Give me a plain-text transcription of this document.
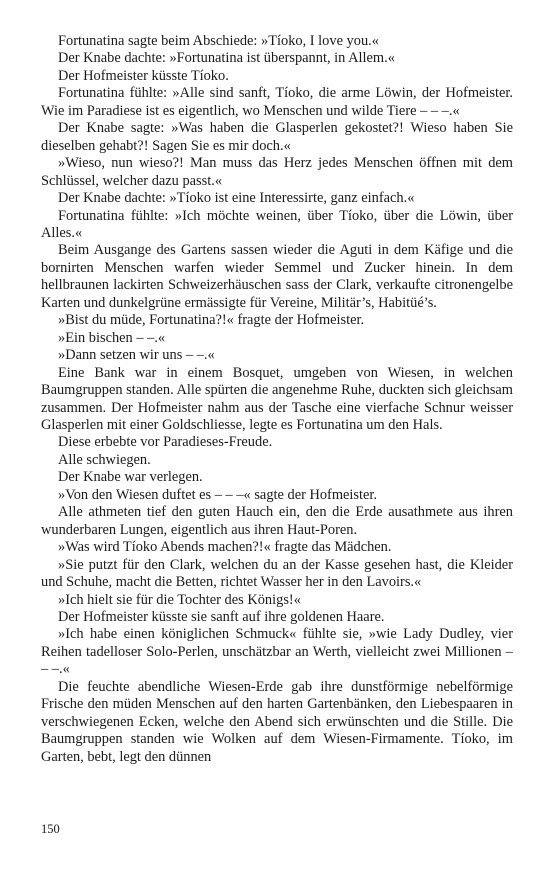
Fortunatina sagte beim Abschiede: »Tíoko, I love you.«

Der Knabe dachte: »Fortunatina ist überspannt, in Allem.«

Der Hofmeister küsste Tíoko.

Fortunatina fühlte: »Alle sind sanft, Tíoko, die arme Löwin, der Hofmeister. Wie im Paradiese ist es eigentlich, wo Menschen und wilde Tiere – – –.«

Der Knabe sagte: »Was haben die Glasperlen gekostet?! Wieso haben Sie dieselben gehabt?! Sagen Sie es mir doch.«

»Wieso, nun wieso?! Man muss das Herz jedes Menschen öffnen mit dem Schlüssel, welcher dazu passt.«

Der Knabe dachte: »Tíoko ist eine Interessirte, ganz einfach.«

Fortunatina fühlte: »Ich möchte weinen, über Tíoko, über die Löwin, über Alles.«

Beim Ausgange des Gartens sassen wieder die Aguti in dem Käfige und die bornirten Menschen warfen wieder Semmel und Zucker hinein. In dem hellbraunen lackirten Schweizerhäuschen sass der Clark, verkaufte citronengelbe Karten und dunkelgrüne ermässigte für Vereine, Militär’s, Habitüé’s.

»Bist du müde, Fortunatina?!« fragte der Hofmeister.

»Ein bischen – –.«

»Dann setzen wir uns – –.«

Eine Bank war in einem Bosquet, umgeben von Wiesen, in welchen Baumgruppen standen. Alle spürten die angenehme Ruhe, duckten sich gleichsam zusammen. Der Hofmeister nahm aus der Tasche eine vierfache Schnur weisser Glasperlen mit einer Goldschliesse, legte es Fortunatina um den Hals.

Diese erbebte vor Paradieses-Freude.

Alle schwiegen.

Der Knabe war verlegen.

»Von den Wiesen duftet es – – –« sagte der Hofmeister.

Alle athmeten tief den guten Hauch ein, den die Erde ausathmete aus ihren wunderbaren Lungen, eigentlich aus ihren Haut-Poren.

»Was wird Tíoko Abends machen?!« fragte das Mädchen.

»Sie putzt für den Clark, welchen du an der Kasse gesehen hast, die Kleider und Schuhe, macht die Betten, richtet Wasser her in den Lavoirs.«

»Ich hielt sie für die Tochter des Königs!«

Der Hofmeister küsste sie sanft auf ihre goldenen Haare.

»Ich habe einen königlichen Schmuck« fühlte sie, »wie Lady Dudley, vier Reihen tadelloser Solo-Perlen, unschätzbar an Werth, vielleicht zwei Millionen – – –.«

Die feuchte abendliche Wiesen-Erde gab ihre dunstförmige nebelförmige Frische den müden Menschen auf den harten Gartenbänken, den Liebespaaren in verschwiegenen Ecken, welche den Abend sich erwünschten und die Stille. Die Baumgruppen standen wie Wolken auf dem Wiesen-Firmamente. Tíoko, im Garten, bebt, legt den dünnen

150
